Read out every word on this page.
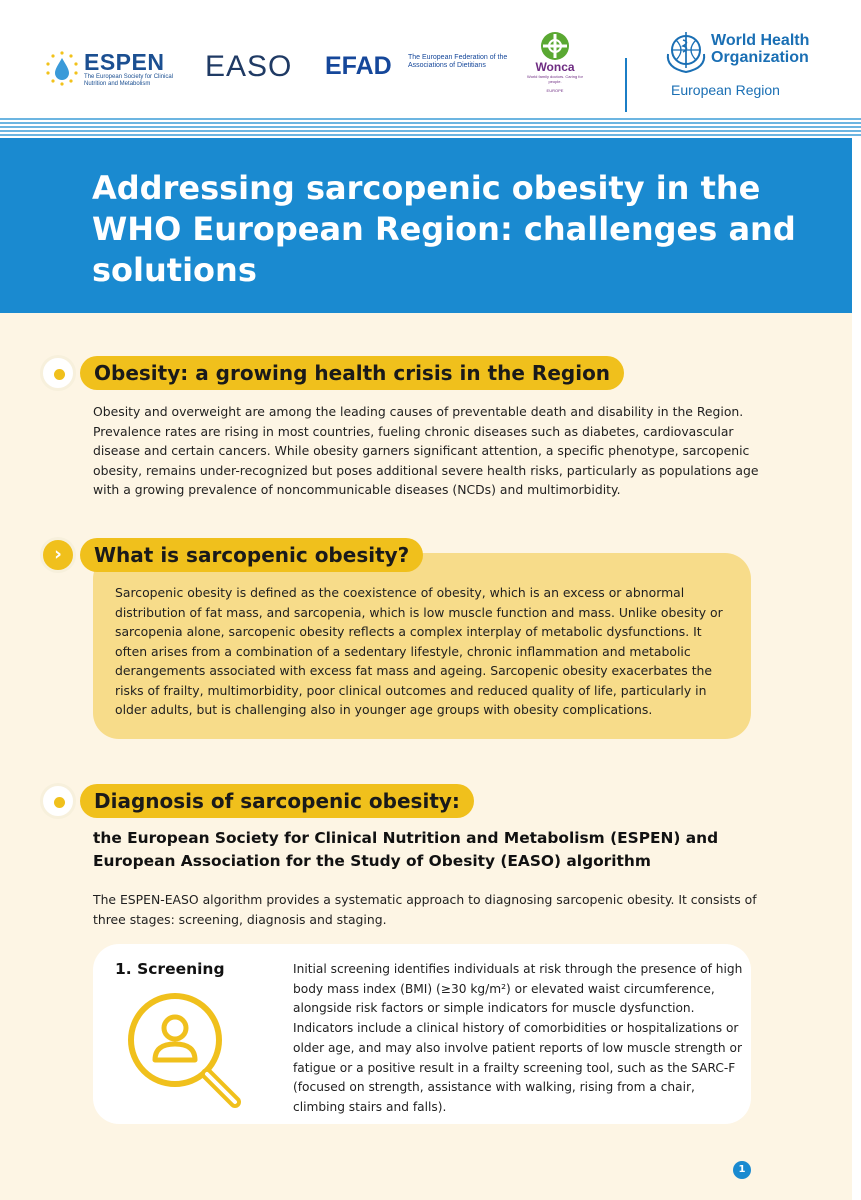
ESPEN
The European Society for Clinical Nutrition and Metabolism
EASO EFAD The European Federation of the Associations of Dietitians	Wonca
World family doctors. Caring for people.
EUROPE
World Health
Organization
European Region
Addressing sarcopenic obesity in the WHO European Region: challenges and solutions
Obesity: a growing health crisis in the Region

Obesity and overweight are among the leading causes of preventable death and disability in the Region. Prevalence rates are rising in most countries, fueling chronic diseases such as diabetes, cardiovascular disease and certain cancers. While obesity garners significant attention, a specific phenotype, sarcopenic obesity, remains under-recognized but poses additional severe health risks, particularly as populations age with a growing prevalence of noncommunicable diseases (NCDs) and multimorbidity.

Sarcopenic obesity is defined as the coexistence of obesity, which is an excess or abnormal distribution of fat mass, and sarcopenia, which is low muscle function and mass. Unlike obesity or sarcopenia alone, sarcopenic obesity reflects a complex interplay of metabolic dysfunctions. It often arises from a combination of a sedentary lifestyle, chronic inflammation and metabolic derangements associated with excess fat mass and ageing. Sarcopenic obesity exacerbates the risks of frailty, multimorbidity, poor clinical outcomes and reduced quality of life, particularly in older adults, but is challenging also in younger age groups with obesity complications.

›	What is sarcopenic obesity?
Diagnosis of sarcopenic obesity:

the European Society for Clinical Nutrition and Metabolism (ESPEN) and European Association for the Study of Obesity (EASO) algorithm

The ESPEN-EASO algorithm provides a systematic approach to diagnosing sarcopenic obesity. It consists of three stages: screening, diagnosis and staging.

1. Screening	Initial screening identifies individuals at risk through the presence of high body mass index (BMI) (≥30 kg/m²) or elevated waist circumference, alongside risk factors or simple indicators for muscle dysfunction. Indicators include a clinical history of comorbidities or hospitalizations or older age, and may also involve patient reports of low muscle strength or fatigue or a positive result in a frailty screening tool, such as the SARC-F (focused on strength, assistance with walking, rising from a chair, climbing stairs and falls).

1
